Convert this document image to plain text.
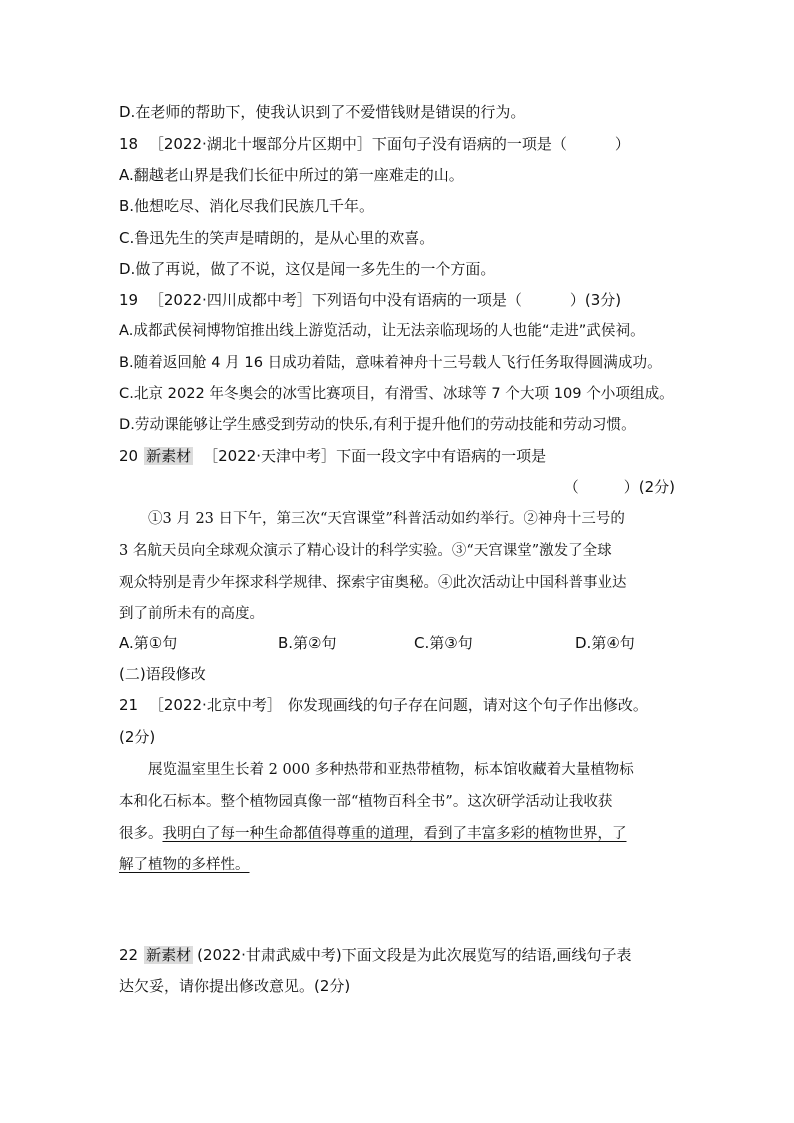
D.在老师的帮助下，使我认识到了不爱惜钱财是错误的行为。
18 ［2022·湖北十堰部分片区期中］下面句子没有语病的一项是（	）
A.翻越老山界是我们长征中所过的第一座难走的山。
B.他想吃尽、消化尽我们民族几千年。
C.鲁迅先生的笑声是晴朗的，是从心里的欢喜。
D.做了再说，做了不说，这仅是闻一多先生的一个方面。
19 ［2022·四川成都中考］下列语句中没有语病的一项是（	）(3分)
A.成都武侯祠博物馆推出线上游览活动，让无法亲临现场的人也能“走进”武侯祠。
B.随着返回舱 4 月 16 日成功着陆，意味着神舟十三号载人飞行任务取得圆满成功。
C.北京 2022 年冬奥会的冰雪比赛项目，有滑雪、冰球等 7 个大项 109 个小项组成。
D.劳动课能够让学生感受到劳动的快乐,有利于提升他们的劳动技能和劳动习惯。
20 新素材 ［2022·天津中考］下面一段文字中有语病的一项是
（　　　）(2分)
①3 月 23 日下午，第三次“天宫课堂”科普活动如约举行。②神舟十三号的
3 名航天员向全球观众演示了精心设计的科学实验。③“天宫课堂”激发了全球
观众特别是青少年探求科学规律、探索宇宙奥秘。④此次活动让中国科普事业达
到了前所未有的高度。
A.第①句	B.第②句	C.第③句	D.第④句
(二)语段修改
21 ［2022·北京中考］ 你发现画线的句子存在问题，请对这个句子作出修改。
(2分)
展览温室里生长着 2 000 多种热带和亚热带植物，标本馆收藏着大量植物标
本和化石标本。整个植物园真像一部“植物百科全书”。这次研学活动让我收获
很多。我明白了每一种生命都值得尊重的道理，看到了丰富多彩的植物世界，了
解了植物的多样性。
22 新素材 (2022·甘肃武威中考)下面文段是为此次展览写的结语,画线句子表
达欠妥，请你提出修改意见。(2分)
